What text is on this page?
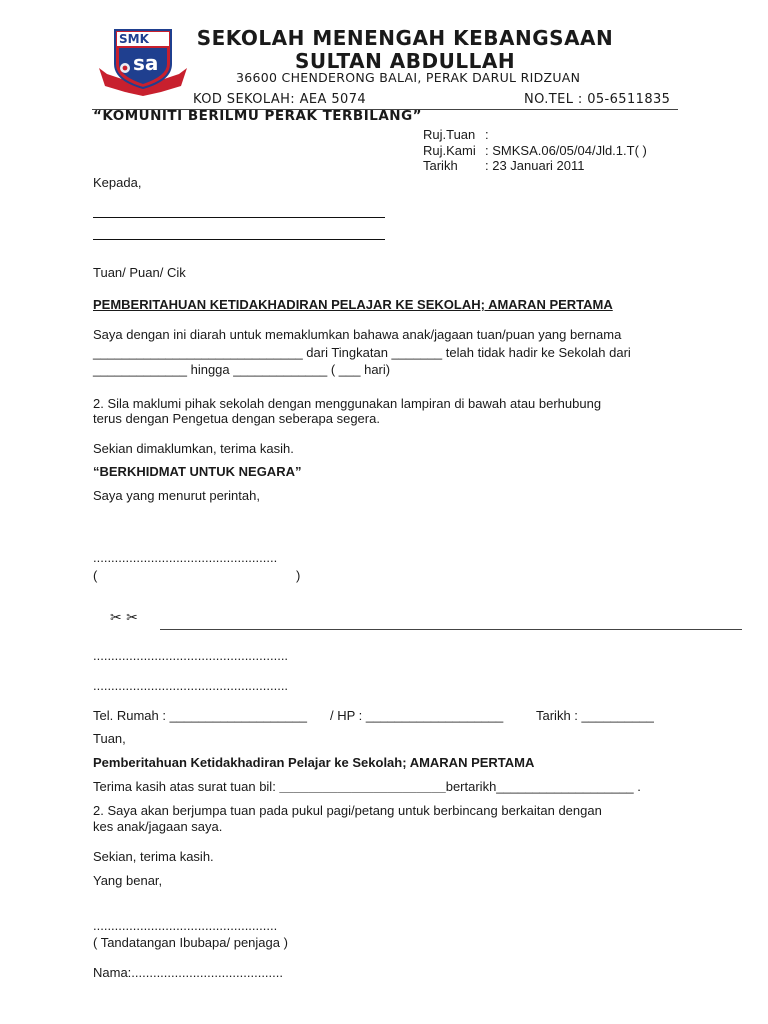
SMK
sa
SEKOLAH MENENGAH KEBANGSAAN
SULTAN ABDULLAH
36600 CHENDERONG BALAI, PERAK DARUL RIDZUAN
KOD SEKOLAH: AEA 5074	NO.TEL : 05-6511835
“KOMUNITI BERILMU PERAK TERBILANG”
Ruj.Tuan :
Ruj.Kami : SMKSA.06/05/04/Jld.1.T( )
Tarikh : 23 Januari 2011
Kepada,
Tuan/ Puan/ Cik
PEMBERITAHUAN KETIDAKHADIRAN PELAJAR KE SEKOLAH; AMARAN PERTAMA
Saya dengan ini diarah untuk memaklumkan bahawa anak/jagaan tuan/puan yang bernama
_____________________________ dari Tingkatan _______ telah tidak hadir ke Sekolah dari
_____________ hingga _____________ ( ___ hari)
2. Sila maklumi pihak sekolah dengan menggunakan lampiran di bawah atau berhubung
terus dengan Pengetua dengan seberapa segera.
Sekian dimaklumkan, terima kasih.
“BERKHIDMAT UNTUK NEGARA”
Saya yang menurut perintah,
...................................................
(	)
✂ ✂
......................................................
......................................................
Tel. Rumah : ___________________ / HP : ___________________	Tarikh : __________
Tuan,
Pemberitahuan Ketidakhadiran Pelajar ke Sekolah; AMARAN PERTAMA
Terima kasih atas surat tuan bil: _______________________bertarikh___________________ .
2. Saya akan berjumpa tuan pada pukul pagi/petang untuk berbincang berkaitan dengan
kes anak/jagaan saya.
Sekian, terima kasih.
Yang benar,
...................................................
( Tandatangan Ibubapa/ penjaga )
Nama:..........................................
